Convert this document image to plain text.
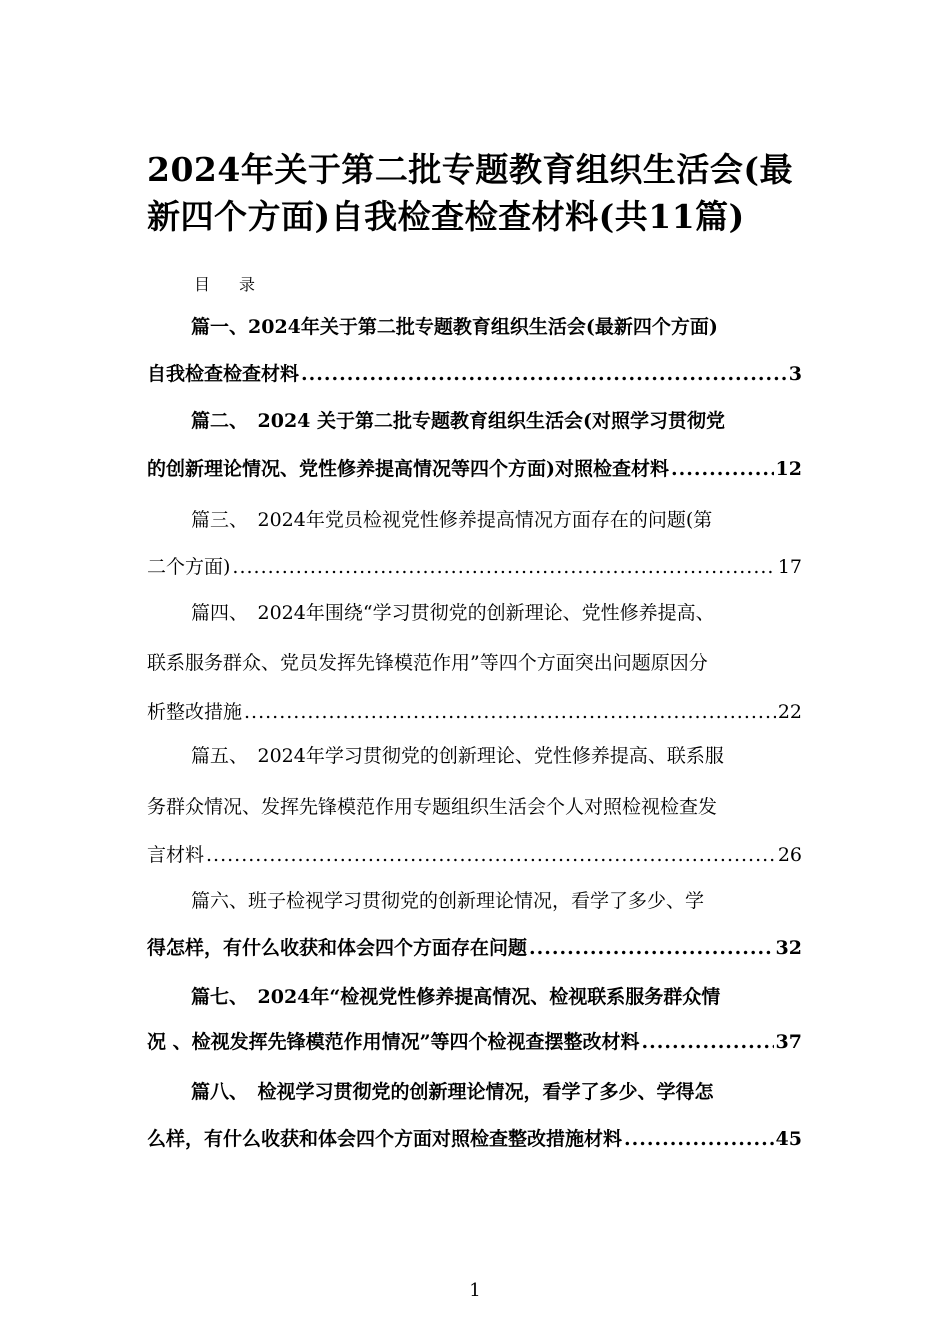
2024年关于第二批专题教育组织生活会(最新四个方面)自我检查检查材料(共11篇)
目 录
篇一、2024年关于第二批专题教育组织生活会(最新四个方面)
自我检查检查材料 .....	3
篇二、　2024 关于第二批专题教育组织生活会(对照学习贯彻党
的创新理论情况、党性修养提高情况等四个方面)对照检查材料 .....	12
篇三、　2024年党员检视党性修养提高情况方面存在的问题(第
二个方面) .....	17
篇四、　2024年围绕“学习贯彻党的创新理论、党性修养提高、
联系服务群众、党员发挥先锋模范作用”等四个方面突出问题原因分
析整改措施 .....	22
篇五、　2024年学习贯彻党的创新理论、党性修养提高、联系服
务群众情况、发挥先锋模范作用专题组织生活会个人对照检视检查发
言材料 .....	26
篇六、班子检视学习贯彻党的创新理论情况，看学了多少、学
得怎样，有什么收获和体会四个方面存在问题 .....	32
篇七、　2024年“检视党性修养提高情况、检视联系服务群众情
况 、检视发挥先锋模范作用情况”等四个检视查摆整改材料 .....	37
篇八、　检视学习贯彻党的创新理论情况，看学了多少、学得怎
么样，有什么收获和体会四个方面对照检查整改措施材料 .....	45
1
